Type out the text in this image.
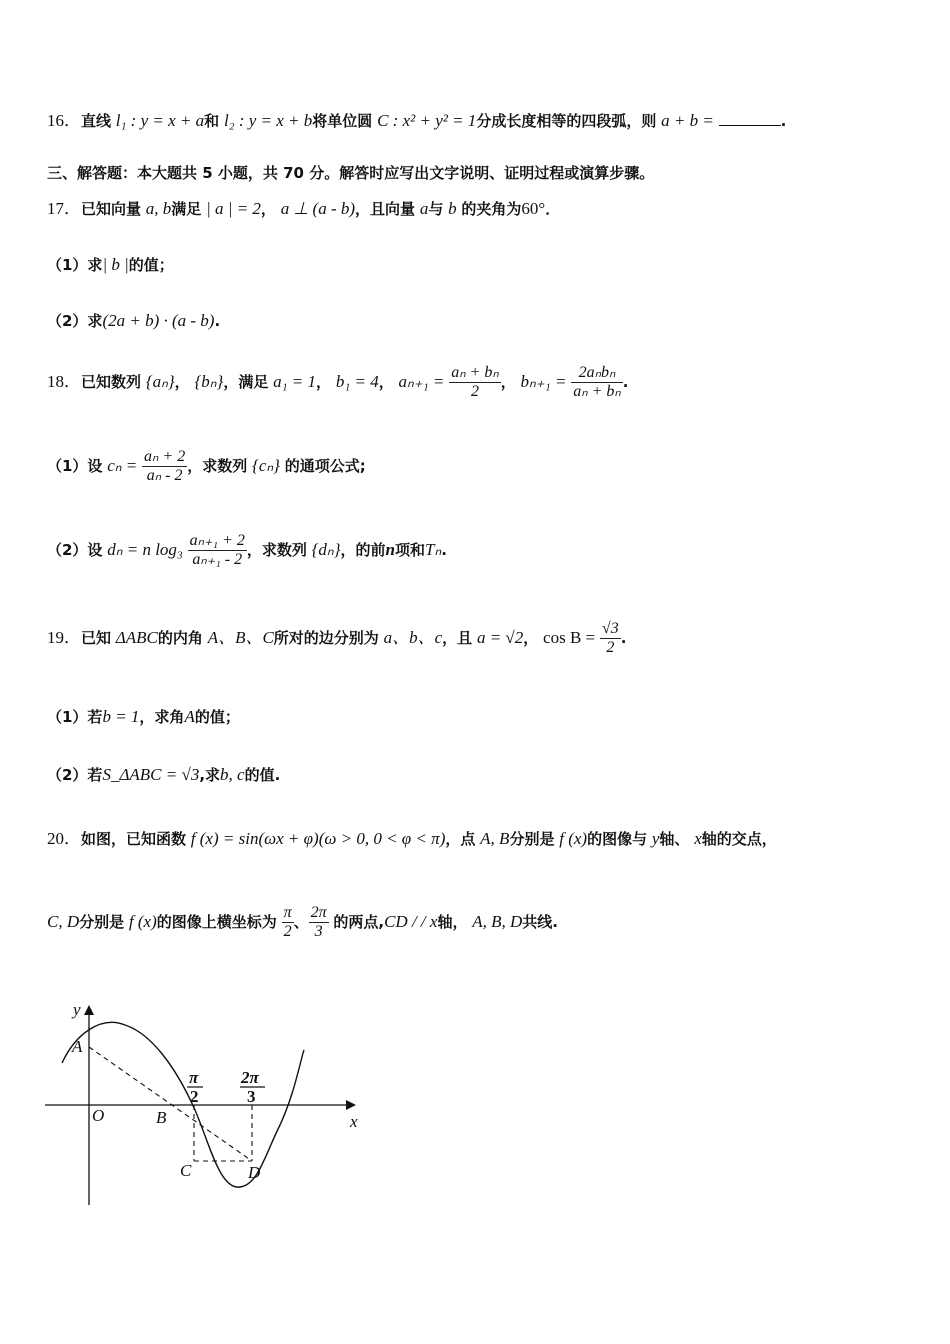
16．直线 l₁ : y = x + a和 l₂ : y = x + b将单位圆 C : x² + y² = 1分成长度相等的四段弧，则 a + b =	.
三、解答题：本大题共 5 小题，共 70 分。解答时应写出文字说明、证明过程或演算步骤。
17．已知向量 a, b满足 | a | = 2， a ⊥ (a - b)，且向量 a与 b 的夹角为60°．
（1）求| b |的值；
（2）求(2a + b) · (a - b).
18．已知数列 {aₙ}， {bₙ}，满足 a₁ = 1， b₁ = 4， $a_{n+1} = \frac{\text{aₙ + bₙ}}{2}$ ， $b_{n+1} = \frac{\text{2aₙbₙ}}{\text{aₙ + bₙ}}$ .
（1）设 $c_n = \frac{\text{aₙ + 2}}{\text{aₙ - 2}}$ ，求数列 {cₙ} 的通项公式;
（2）设 dₙ = n $\log_3 \frac{\text{aₙ₊₁ + 2}}{\text{aₙ₊₁ - 2}}$ ，求数列 {dₙ}，的前n项和Tₙ.
19．已知 ΔABC的内角 A、B、C所对的边分别为 a、b、c，且 a = √2， $\cos B = \frac{√3}{2}$ .
（1）若b = 1，求角A的值；
（2）若S_ΔABC = √3,求b, c的值.
20．如图，已知函数 f (x) = sin(ωx + φ)(ω > 0, 0 < φ < π)，点 A, B分别是 f (x)的图像与 y轴、 x轴的交点，
C, D分别是 f (x)的图像上横坐标为 $\frac{\pi}{2}$ 、 $\frac{2\pi}{3}$ 的两点,CD / / x轴， A, B, D共线.
y
x
O
A
B
C	D
π
2
2π
3
